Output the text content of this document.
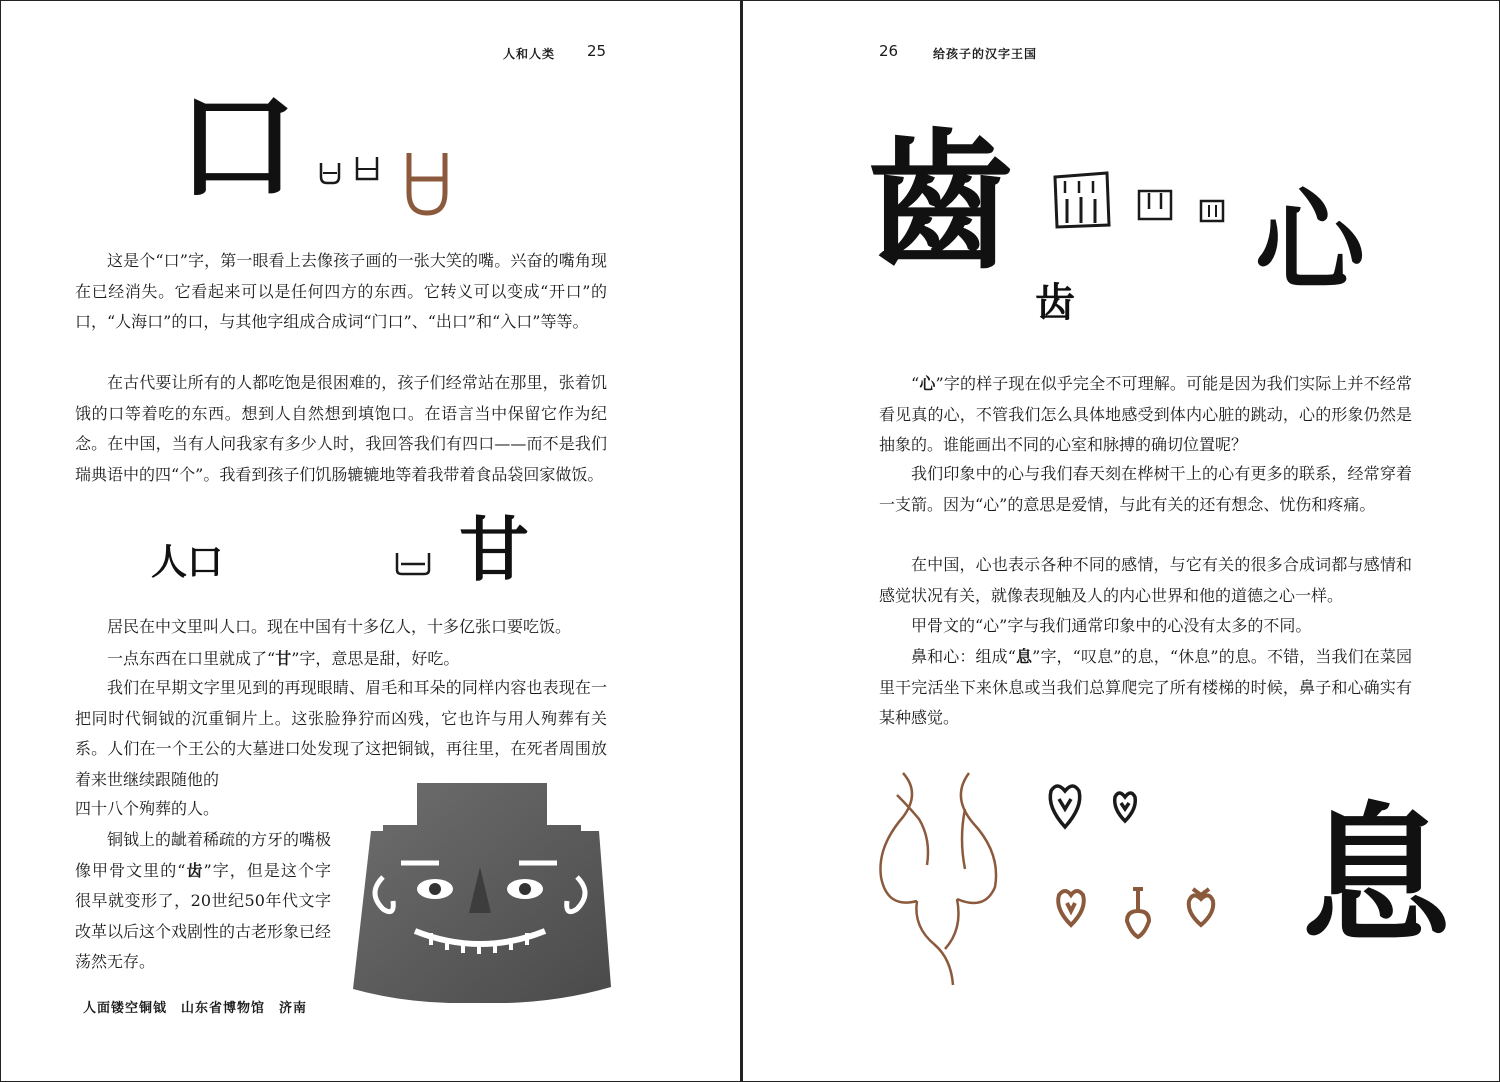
人和人类 25
口

这是个“口”字，第一眼看上去像孩子画的一张大笑的嘴。兴奋的嘴角现在已经消失。它看起来可以是任何四方的东西。它转义可以变成“开口”的口，“人海口”的口，与其他字组成合成词“门口”、“出口”和“入口”等等。

在古代要让所有的人都吃饱是很困难的，孩子们经常站在那里，张着饥饿的口等着吃的东西。想到人自然想到填饱口。在语言当中保留它作为纪念。在中国，当有人问我家有多少人时，我回答我们有四口——而不是我们瑞典语中的四“个”。我看到孩子们饥肠辘辘地等着我带着食品袋回家做饭。

人口	甘

居民在中文里叫人口。现在中国有十多亿人，十多亿张口要吃饭。

一点东西在口里就成了“甘”字，意思是甜，好吃。

我们在早期文字里见到的再现眼睛、眉毛和耳朵的同样内容也表现在一把同时代铜钺的沉重铜片上。这张脸狰狞而凶残，它也许与用人殉葬有关系。人们在一个王公的大墓进口处发现了这把铜钺，再往里，在死者周围放着来世继续跟随他的

四十八个殉葬的人。

铜钺上的龇着稀疏的方牙的嘴极像甲骨文里的“齿”字，但是这个字很早就变形了，20世纪50年代文字改革以后这个戏剧性的古老形象已经荡然无存。

人面镂空铜钺　山东省博物馆　济南
26	给孩子的汉字王国
齒
齿 心

“心”字的样子现在似乎完全不可理解。可能是因为我们实际上并不经常看见真的心，不管我们怎么具体地感受到体内心脏的跳动，心的形象仍然是抽象的。谁能画出不同的心室和脉搏的确切位置呢？

我们印象中的心与我们春天刻在桦树干上的心有更多的联系，经常穿着一支箭。因为“心”的意思是爱情，与此有关的还有想念、忧伤和疼痛。

在中国，心也表示各种不同的感情，与它有关的很多合成词都与感情和感觉状况有关，就像表现触及人的内心世界和他的道德之心一样。

甲骨文的“心”字与我们通常印象中的心没有太多的不同。

鼻和心：组成“息”字，“叹息”的息，“休息”的息。不错，当我们在菜园里干完活坐下来休息或当我们总算爬完了所有楼梯的时候，鼻子和心确实有某种感觉。

息
